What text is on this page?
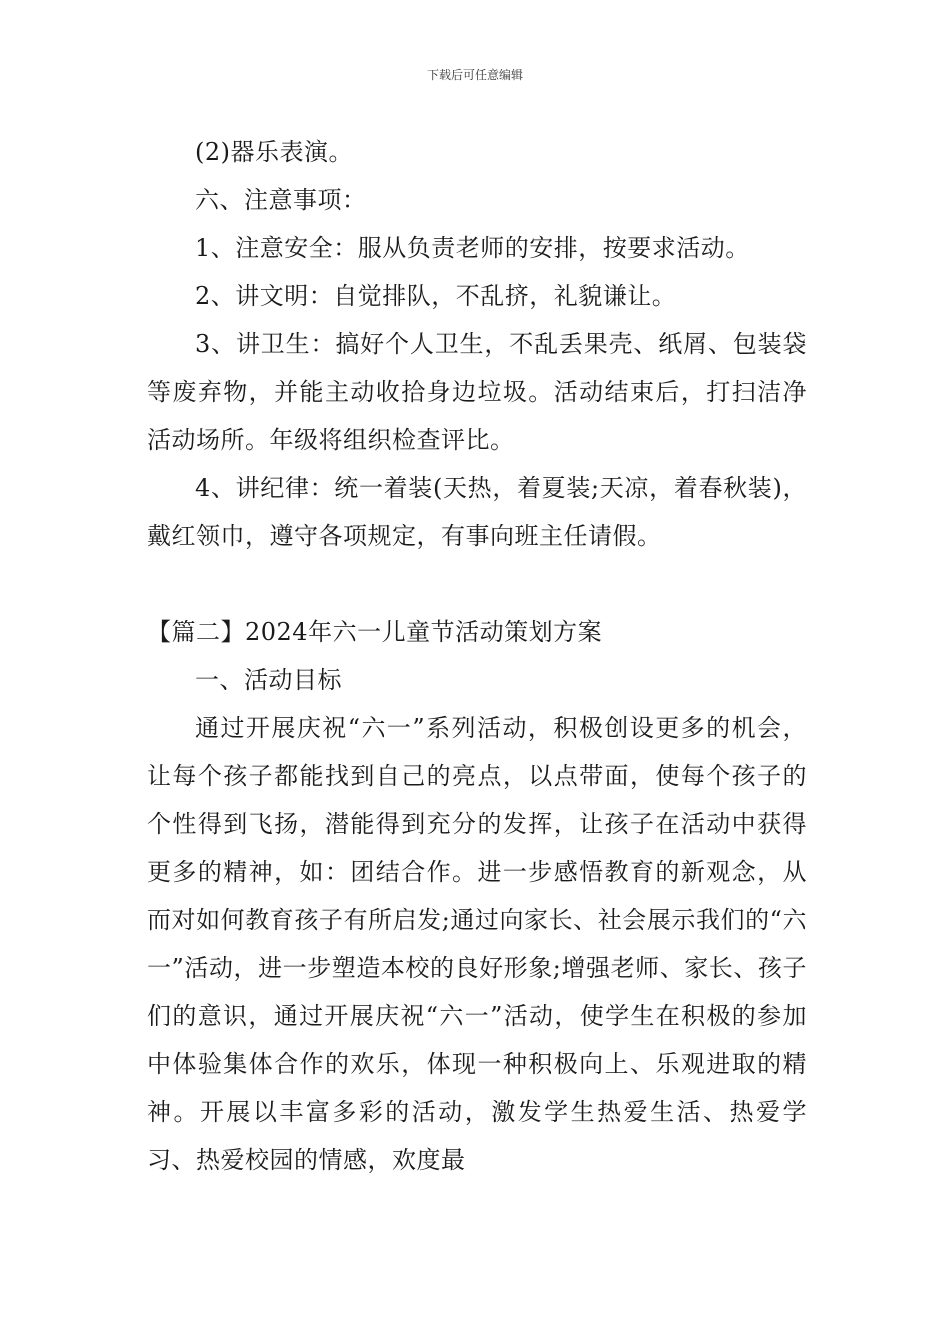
下载后可任意编辑

(2)器乐表演。

六、注意事项：

1、注意安全：服从负责老师的安排，按要求活动。

2、讲文明：自觉排队，不乱挤，礼貌谦让。

3、讲卫生：搞好个人卫生，不乱丢果壳、纸屑、包装袋等废弃物，并能主动收拾身边垃圾。活动结束后，打扫洁净活动场所。年级将组织检查评比。

4、讲纪律：统一着装(天热，着夏装;天凉，着春秋装)，戴红领巾，遵守各项规定，有事向班主任请假。

【篇二】2024年六一儿童节活动策划方案

一、活动目标

通过开展庆祝“六一”系列活动，积极创设更多的机会，让每个孩子都能找到自己的亮点，以点带面，使每个孩子的个性得到飞扬，潜能得到充分的发挥，让孩子在活动中获得更多的精神，如：团结合作。进一步感悟教育的新观念，从而对如何教育孩子有所启发;通过向家长、社会展示我们的“六一”活动，进一步塑造本校的良好形象;增强老师、家长、孩子们的意识，通过开展庆祝“六一”活动，使学生在积极的参加中体验集体合作的欢乐，体现一种积极向上、乐观进取的精神。开展以丰富多彩的活动，激发学生热爱生活、热爱学习、热爱校园的情感，欢度最
